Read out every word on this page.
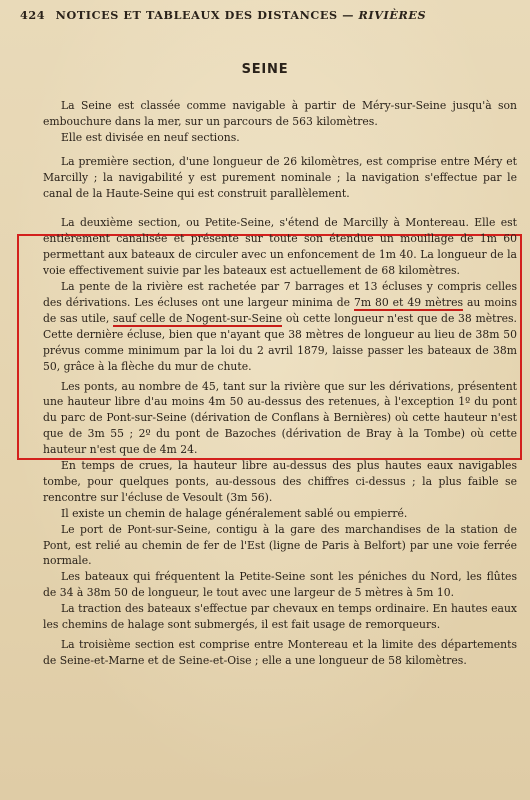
424 NOTICES ET TABLEAUX DES DISTANCES — RIVIÈRES
SEINE

La Seine est classée comme navigable à partir de Méry-sur-Seine jusqu'à son embouchure dans la mer, sur un parcours de 563 kilomètres.

Elle est divisée en neuf sections.

La première section, d'une longueur de 26 kilomètres, est comprise entre Méry et Marcilly ; la navigabilité y est purement nominale ; la navigation s'effectue par le canal de la Haute-Seine qui est construit parallèlement.

La deuxième section, ou Petite-Seine, s'étend de Marcilly à Montereau. Elle est entièrement canalisée et présente sur toute son étendue un mouillage de 1m 60 permettant aux bateaux de circuler avec un enfoncement de 1m 40. La longueur de la voie effectivement suivie par les bateaux est actuellement de 68 kilomètres.

La pente de la rivière est rachetée par 7 barrages et 13 écluses y compris celles des dérivations. Les écluses ont une largeur minima de 7m 80 et 49 mètres au moins de sas utile, sauf celle de Nogent-sur-Seine où cette longueur n'est que de 38 mètres. Cette dernière écluse, bien que n'ayant que 38 mètres de longueur au lieu de 38m 50 prévus comme minimum par la loi du 2 avril 1879, laisse passer les bateaux de 38m 50, grâce à la flèche du mur de chute.

Les ponts, au nombre de 45, tant sur la rivière que sur les dérivations, présentent une hauteur libre d'au moins 4m 50 au-dessus des retenues, à l'exception 1º du pont du parc de Pont-sur-Seine (dérivation de Conflans à Bernières) où cette hauteur n'est que de 3m 55 ; 2º du pont de Bazoches (dérivation de Bray à la Tombe) où cette hauteur n'est que de 4m 24.

En temps de crues, la hauteur libre au-dessus des plus hautes eaux navigables tombe, pour quelques ponts, au-dessous des chiffres ci-dessus ; la plus faible se rencontre sur l'écluse de Vesoult (3m 56).

Il existe un chemin de halage généralement sablé ou empierré.

Le port de Pont-sur-Seine, contigu à la gare des marchandises de la station de Pont, est relié au chemin de fer de l'Est (ligne de Paris à Belfort) par une voie ferrée normale.

Les bateaux qui fréquentent la Petite-Seine sont les péniches du Nord, les flûtes de 34 à 38m 50 de longueur, le tout avec une largeur de 5 mètres à 5m 10.

La traction des bateaux s'effectue par chevaux en temps ordinaire. En hautes eaux les chemins de halage sont submergés, il est fait usage de remorqueurs.

La troisième section est comprise entre Montereau et la limite des départements de Seine-et-Marne et de Seine-et-Oise ; elle a une longueur de 58 kilomètres.
